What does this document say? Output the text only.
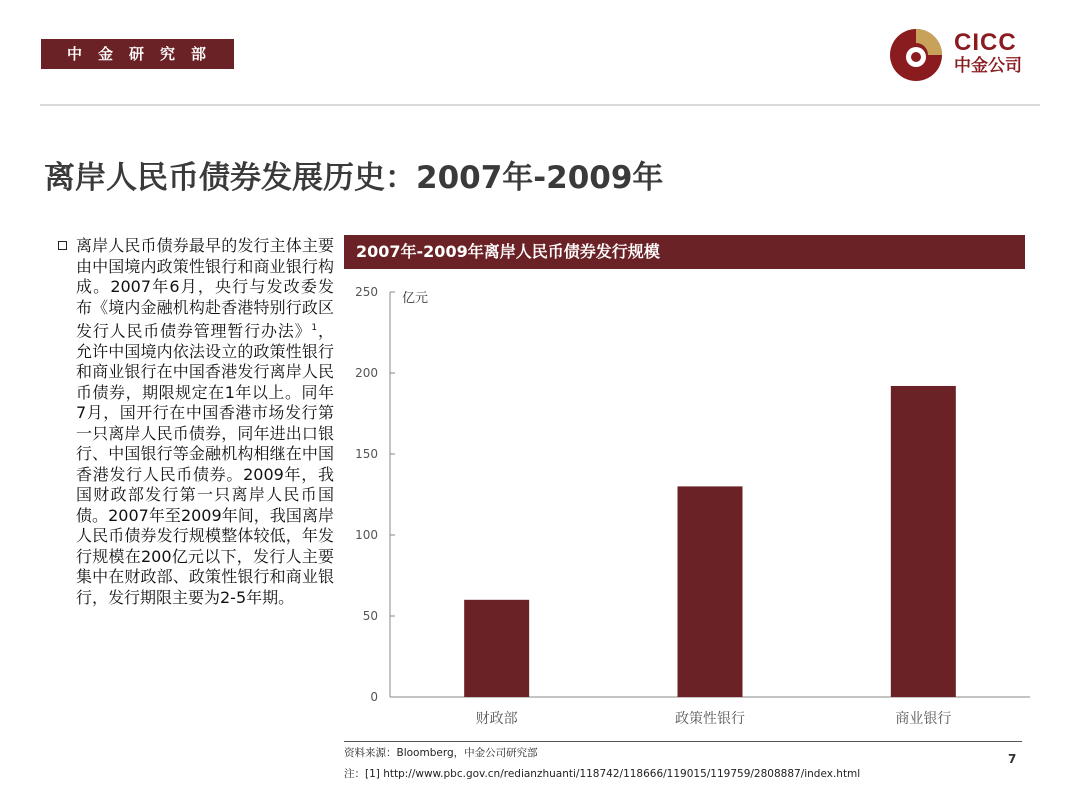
中金研究部	CICC
中金公司
离岸人民币债券发展历史：2007年-2009年

离岸人民币债券最早的发行主体主要由中国境内政策性银行和商业银行构成。2007年6月，央行与发改委发布《境内金融机构赴香港特别行政区发行人民币债券管理暂行办法》$^1$，允许中国境内依法设立的政策性银行和商业银行在中国香港发行离岸人民币债券，期限规定在1年以上。同年7月，国开行在中国香港市场发行第一只离岸人民币债券，同年进出口银行、中国银行等金融机构相继在中国香港发行人民币债券。2009年，我国财政部发行第一只离岸人民币国债。2007年至2009年间，我国离岸人民币债券发行规模整体较低，年发行规模在200亿元以下，发行人主要集中在财政部、政策性银行和商业银行，发行期限主要为2-5年期。

2007年-2009年离岸人民币债券发行规模
0
50
100
150
200
250
财政部	政策性银行	商业银行
亿元
资料来源：Bloomberg，中金公司研究部
注：[1] http://www.pbc.gov.cn/redianzhuanti/118742/118666/119015/119759/2808887/index.html
7
